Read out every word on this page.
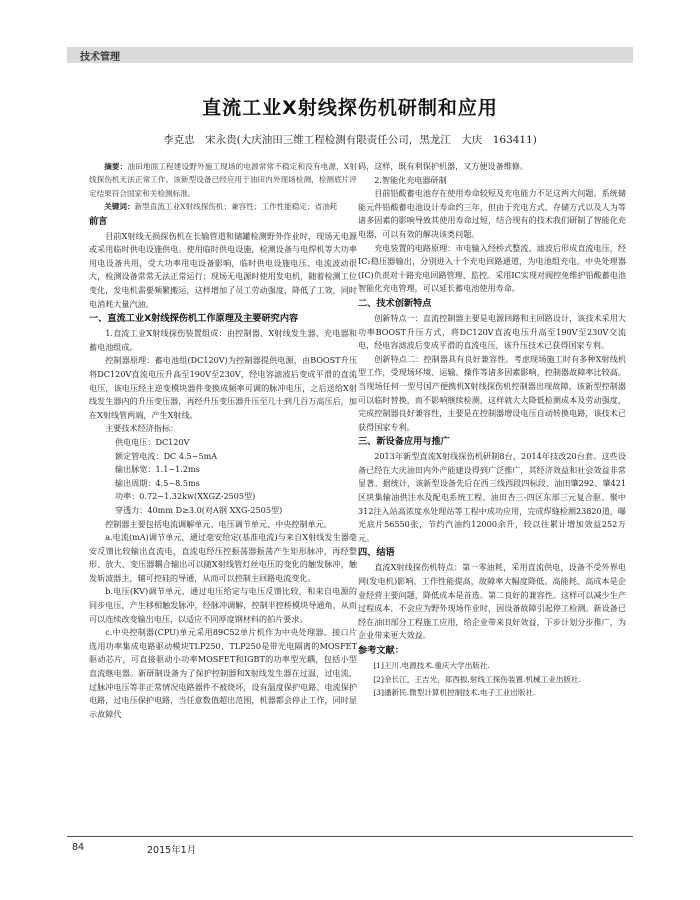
技术管理
直流工业X射线探伤机研制和应用
李克忠　宋永贵(大庆油田三维工程检测有限责任公司，黑龙江　大庆　163411)

摘要：油田地面工程建设野外施工现场的电源常常不稳定和没有电源，X射线探伤机无法正常工作。该新型设备已经应用于油田内外现场检测，检测底片评定结果符合国家和关检测标准。

关键词：新型直流工业X射线探伤机；兼容性；工作性能稳定；省油耗

前言

目前X射线无损探伤机在长输管道和储罐检测野外作业时，现场无电源或采用临时供电设施供电。使用临时供电设施，检测设备与电焊机等大功率用电设备共用，受大功率用电设备影响，临时供电设施电压、电流波动很大，检测设备常常无法正常运行；现场无电源时使用发电机，随着检测工位变化，发电机需要频繁搬运，这样增加了员工劳动强度，降低了工效，同时电消耗大量汽油。

一、直流工业X射线探伤机工作原理及主要研究内容

1.直流工业X射线探伤装置组成：由控制器、X射线发生器、充电器和蓄电池组成。

控制器原理：蓄电池组(DC120V)为控制器提供电源，由BOOST升压将DC120V直流电压升高至190V至230V，经电容滤波后变成平滑的直流电压，该电压经主逆变模块器件变换成频率可调的脉冲电压，之后送给X射线发生器内的升压变压器，再经升压变压器升压至几十到几百万高压后，加在X射线管两端，产生X射线。

主要技术经济指标：

供电电压：DC120V

额定管电流：DC 4.5~5mA

输出脉宽：1.1~1.2ms

输出周期：4.5~8.5ms

功率：0.72~1.32kw(XXGZ-2505型)

穿透力：40mm D≥3.0(对A钢 XXG-2505型)

控制器主要包括电流调解单元、电压调节单元、中央控制单元。

a.电流(mA)调节单元，通过毫安给定(基准电流)与来自X射线发生器毫安反馈比较输出直流电，直流电经压控振荡器振荡产生矩形脉冲，再经整形、放大、变压器耦合输出可以随X射线管灯丝电压的变化的触发脉冲，触发斩波器主，辅可控硅的导通，从而可以控制主回路电流变化。

b.电压(KV)调节单元，通过电压给定与电压反馈比较，和来自电源的同步电压，产生移相触发脉冲，经脉冲调解，控制半控桥模块导通角，从而可以连续改变输出电压，以适应不同厚度钢材料的拍片要求。

c.中央控制器(CPU)单元采用89C52单片机作为中央处理器，接口片选用功率集成电路驱动模块TLP250、TLP250是带光电隔离的MOSFET驱动芯片，可直接驱动小功率MOSFET和IGBT的功率型光耦，包括小型直流继电器。新研制设备为了保护控制器和X射线发生器在过温，过电流，过脉冲电压等非正常情况电路器件不被烧坏，设有温度保护电路、电流保护电路，过电压保护电路，当任意数值超出范围，机器都会停止工作，同时显示故障代

码，这样，既有利保护机器，又方便设备维修。

2.智能化充电器研制

目前铅酸蓄电池存在使用寿命较短及充电能力不足这两大问题。系统储能元件铅酸蓄电池设计寿命约三年，但由于充电方式、存储方式以及人为等诸多因素的影响导致其使用寿命过短，结合现有的技术我们研制了智能化充电器，可以有效的解决该类问题。

充电装置的电路原理：市电输入经桥式整流、滤波后形成直流电压，经IC₁稳压器输出，分别进入十个充电回路通道，为电池组充电。中央处理器(IC)负责对十路充电回路管理、监控。采用IC实现对阀控免维护铅酸蓄电池智能化充电管理，可以延长蓄电池使用寿命。

二、技术创新特点

创新特点一：直流控制器主要是电源回路和主回路设计，该技术采用大功率BOOST升压方式，将DC120V直流电压升高至190V至230V交流电，经电容滤波后变成平滑的直流电压，该升压技术已获得国家专利。

创新特点二：控制器具有良好兼容性。考虑现场施工时有多种X射线机型工作，受现场环境、运输、操作等诸多因素影响，控制器故障率比较高。当现场任何一型号国产便携机X射线探伤机控制器出现故障，该新型控制器可以临时替换，而不影响继续检测，这样就大大降低检测成本及劳动强度，完成控制器良好兼容性，主要是在控制器增设电压自动转换电路，该技术已获得国家专利。

三、新设备应用与推广

2013年新型直流X射线探伤机研制8台，2014年技改20台套。这些设备已经在大庆油田内外产能建设得到广泛推广，其经济效益和社会效益非常显著。据统计，该新型设备先后在西三线西段四标段、油田肇292、肇421区块集输油供注水及配电系统工程、油田杏三-四区东部三元复合驱、聚中312注入站高浓度水处理站等工程中成功应用，完成焊缝检测23820道，曝光底片56550张，节约汽油约12000余升，较以往累计增加效益252万元。

四、结语

直流X射线探伤机特点：第一零油耗，采用直流供电，设备不受外界电网(发电机)影响，工作性能提高，故障率大幅度降低。高能耗、高成本是企业经营主要问题，降低成本是首选。第二良好的兼容性。这样可以减少生产过程成本，不会应为野外现场作业时，因设备故障引起停工检测。新设备已经在油田部分工程施工应用，给企业带来良好效益，下步计划分步推广，为企业带来更大效益。

参考文献：

[1]王川.电源技术.重庆大学出版社.

[2]余长江，王吉光，郑西振.射线工探伤装置.机械工业出版社.

[3]潘新民.微型计算机控制技术.电子工业出版社.

84	2015年1月
